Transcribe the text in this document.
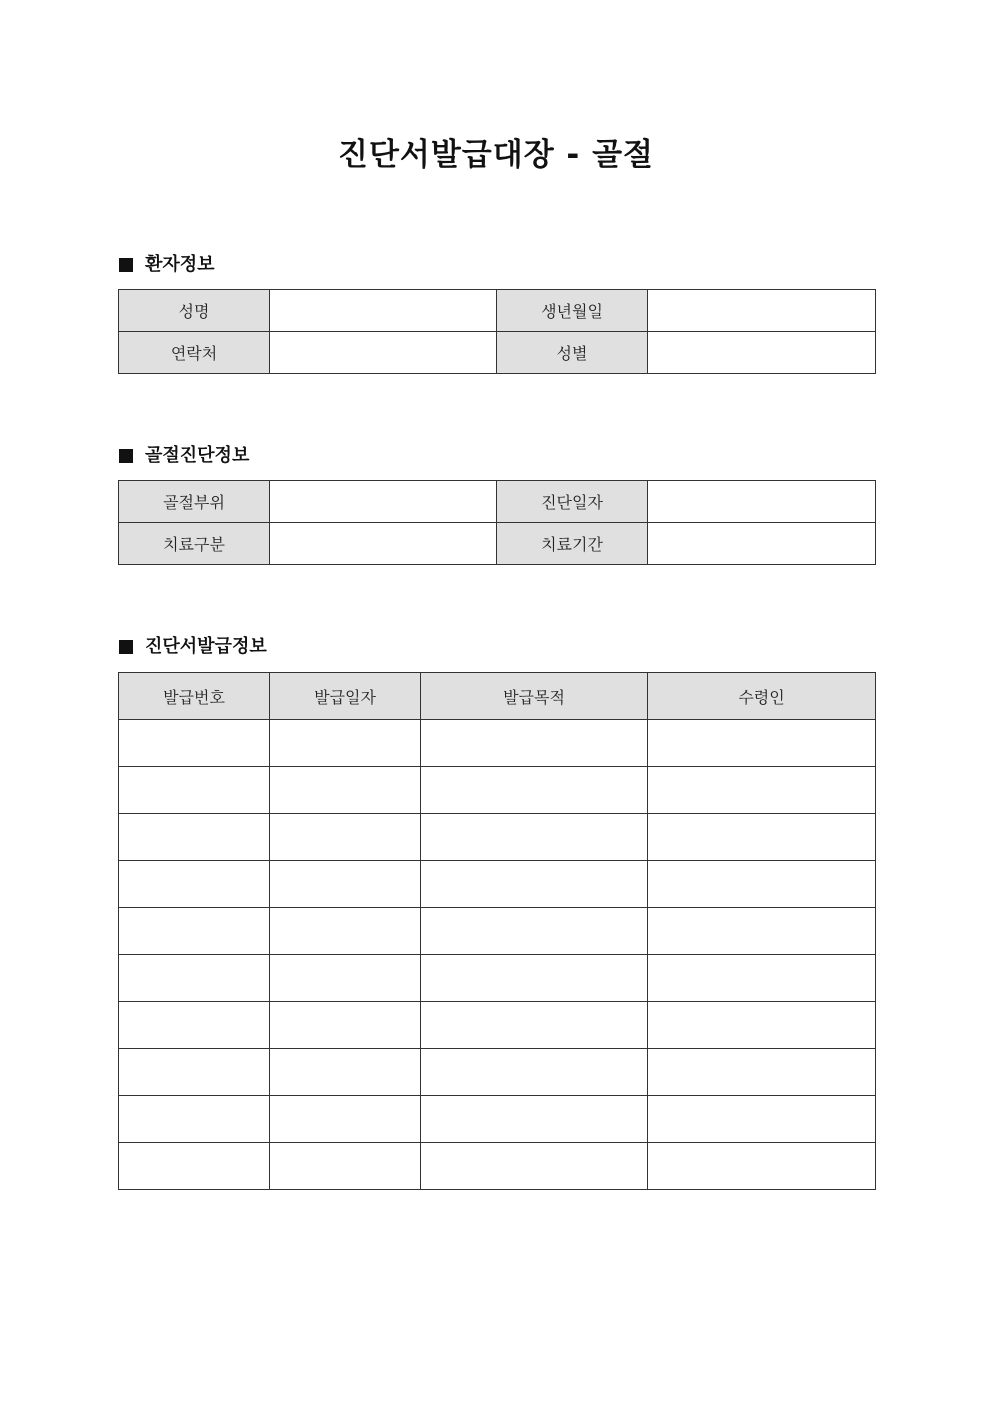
진단서발급대장 - 골절
환자정보
성명		생년월일	
연락처		성별	
골절진단정보
골절부위		진단일자	
치료구분		치료기간	
진단서발급정보
발급번호	발급일자	발급목적	수령인
